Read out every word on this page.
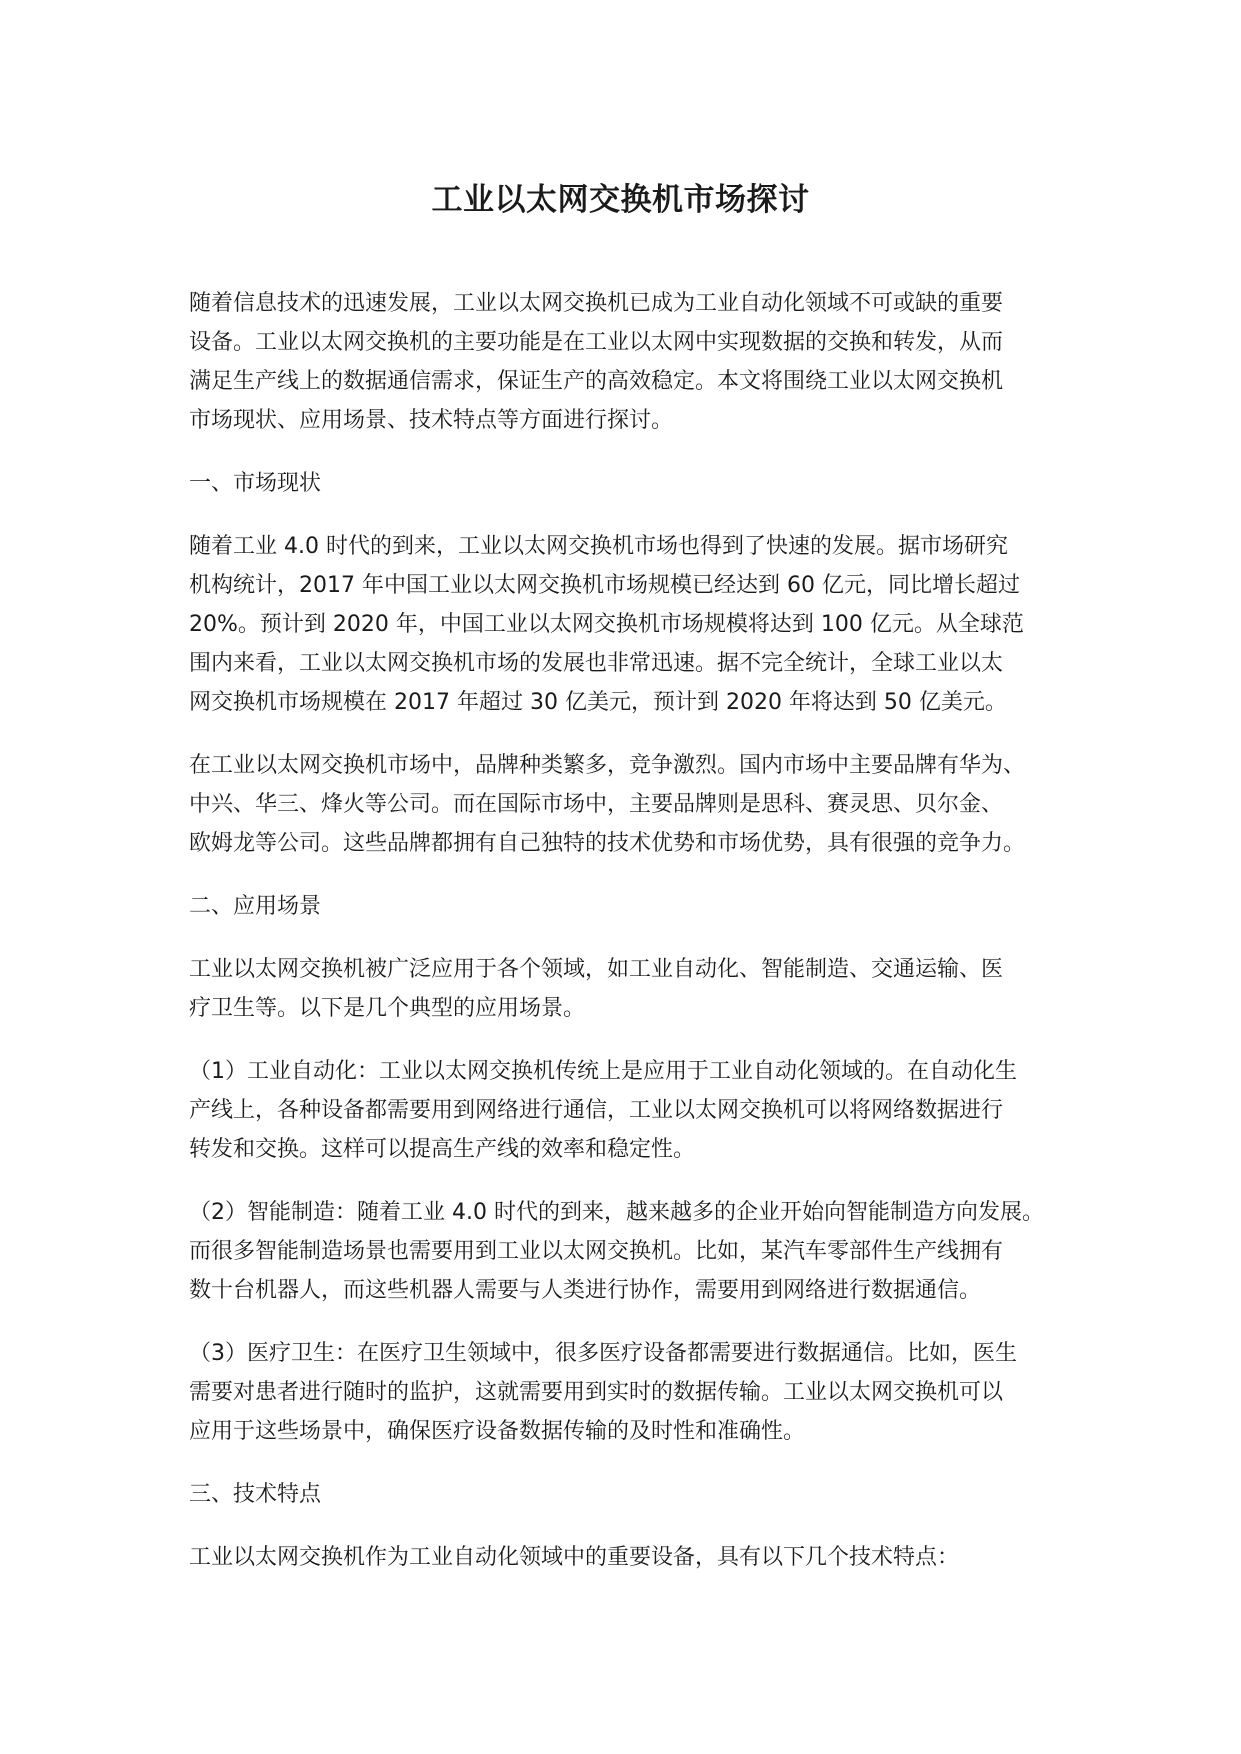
工业以太网交换机市场探讨

随着信息技术的迅速发展，工业以太网交换机已成为工业自动化领域不可或缺的重要
设备。工业以太网交换机的主要功能是在工业以太网中实现数据的交换和转发，从而
满足生产线上的数据通信需求，保证生产的高效稳定。本文将围绕工业以太网交换机
市场现状、应用场景、技术特点等方面进行探讨。

一、市场现状

随着工业 4.0 时代的到来，工业以太网交换机市场也得到了快速的发展。据市场研究
机构统计，2017 年中国工业以太网交换机市场规模已经达到 60 亿元，同比增长超过
20%。预计到 2020 年，中国工业以太网交换机市场规模将达到 100 亿元。从全球范
围内来看，工业以太网交换机市场的发展也非常迅速。据不完全统计，全球工业以太
网交换机市场规模在 2017 年超过 30 亿美元，预计到 2020 年将达到 50 亿美元。

在工业以太网交换机市场中，品牌种类繁多，竞争激烈。国内市场中主要品牌有华为、
中兴、华三、烽火等公司。而在国际市场中，主要品牌则是思科、赛灵思、贝尔金、
欧姆龙等公司。这些品牌都拥有自己独特的技术优势和市场优势，具有很强的竞争力。

二、应用场景

工业以太网交换机被广泛应用于各个领域，如工业自动化、智能制造、交通运输、医
疗卫生等。以下是几个典型的应用场景。

（1）工业自动化：工业以太网交换机传统上是应用于工业自动化领域的。在自动化生
产线上，各种设备都需要用到网络进行通信，工业以太网交换机可以将网络数据进行
转发和交换。这样可以提高生产线的效率和稳定性。

（2）智能制造：随着工业 4.0 时代的到来，越来越多的企业开始向智能制造方向发展。
而很多智能制造场景也需要用到工业以太网交换机。比如，某汽车零部件生产线拥有
数十台机器人，而这些机器人需要与人类进行协作，需要用到网络进行数据通信。

（3）医疗卫生：在医疗卫生领域中，很多医疗设备都需要进行数据通信。比如，医生
需要对患者进行随时的监护，这就需要用到实时的数据传输。工业以太网交换机可以
应用于这些场景中，确保医疗设备数据传输的及时性和准确性。

三、技术特点

工业以太网交换机作为工业自动化领域中的重要设备，具有以下几个技术特点：
